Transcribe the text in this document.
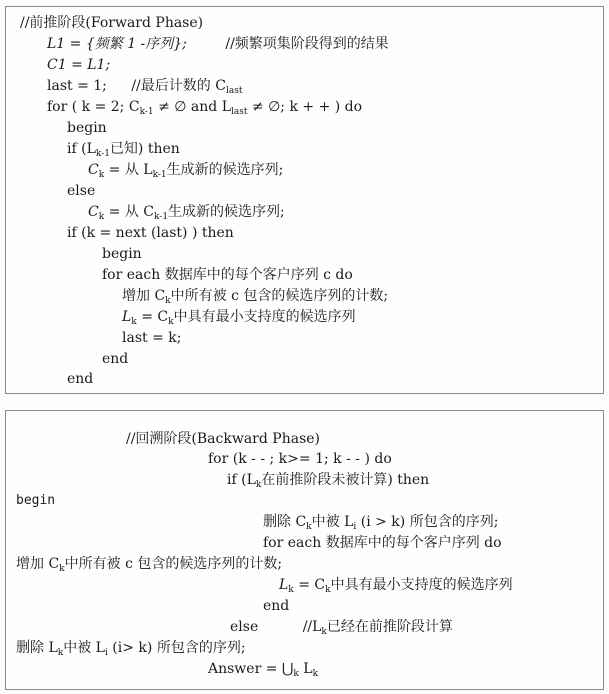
//前推阶段(Forward Phase)
L1 = {频繁 1 -序列};	//频繁项集阶段得到的结果
C1 = L1;
last = 1; //最后计数的 $C_{last}$
for ( k = 2; $C_{k-1}$ ≠ ∅ and $L_{last}$ ≠ ∅; k + + ) do
begin
if ($L_{k-1}$已知) then
$C_k$ = 从 $L_{k-1}$生成新的候选序列;
else
$C_k$ = 从 $C_{k-1}$生成新的候选序列;
if (k = next (last) ) then
begin
for each 数据库中的每个客户序列 c do
增加 $C_k$中所有被 c 包含的候选序列的计数;
$L_k = C_k$中具有最小支持度的候选序列
last = k;
end
end
//回溯阶段(Backward Phase)
for (k - - ; k>= 1; k - - ) do
if ($L_k$在前推阶段未被计算) then
begin
删除 $C_k$中被 $L_i$ (i > k) 所包含的序列;
for each 数据库中的每个客户序列 do
增加 $C_k$中所有被 c 包含的候选序列的计数;
$L_k = C_k$中具有最小支持度的候选序列
end
else	$//L_k$已经在前推阶段计算
删除 $L_k$中被 $L_i$ (i> k) 所包含的序列;
Answer = $⋃_k$ $L_k$
